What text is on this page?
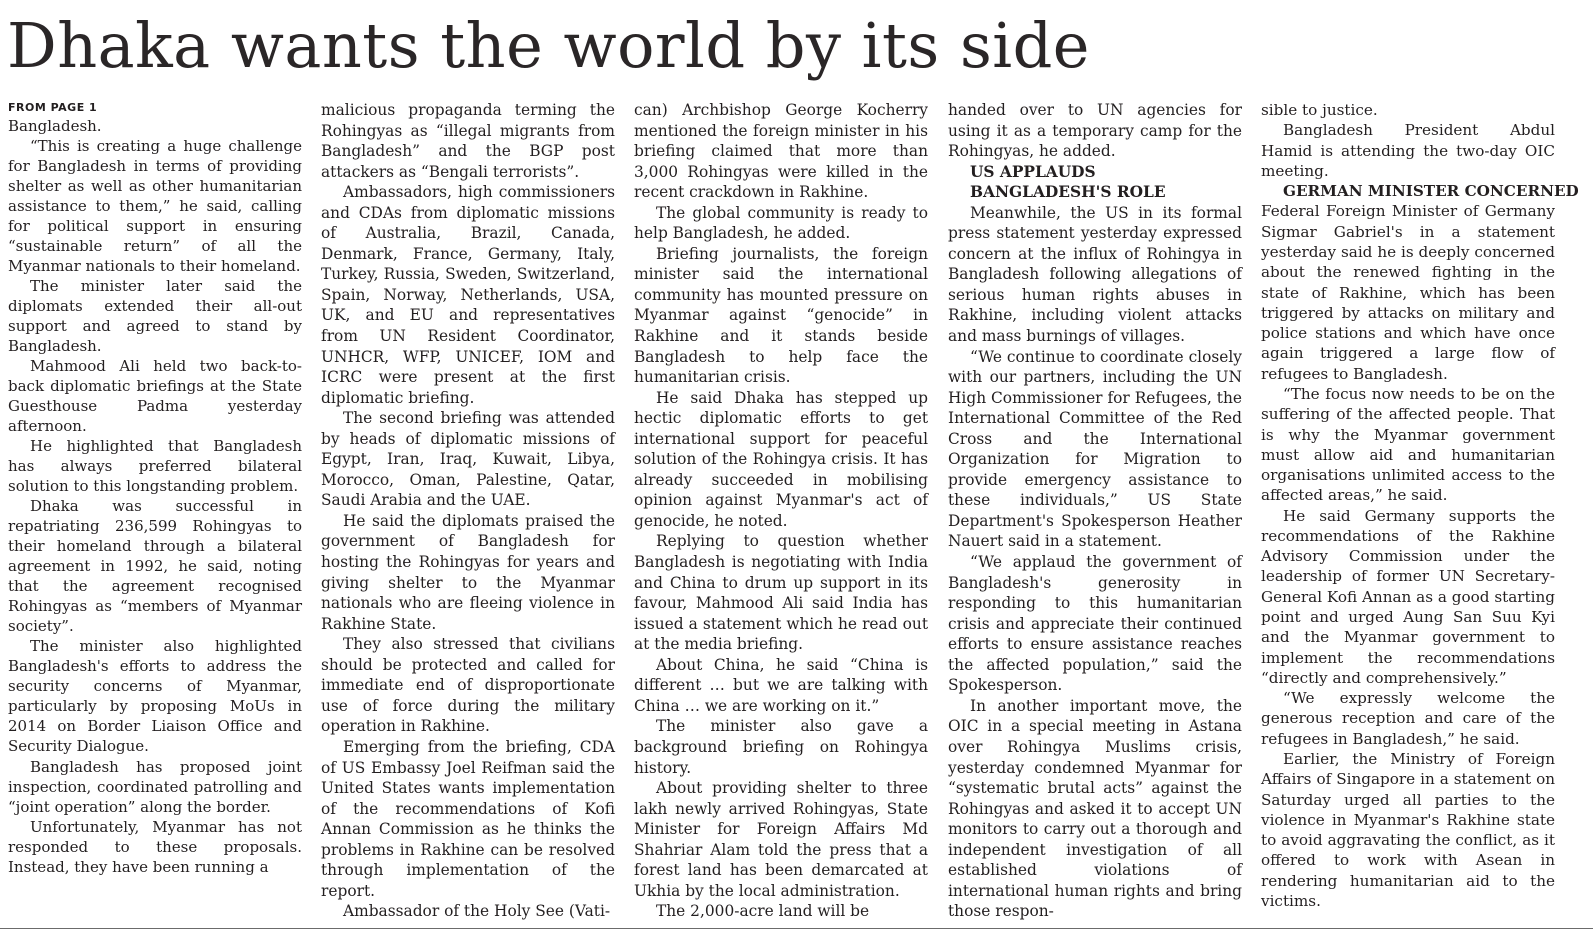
Dhaka wants the world by its side
FROM PAGE 1

Bangladesh.

“This is creating a huge challenge for Bangladesh in terms of providing shelter as well as other humanitarian assistance to them,” he said, calling for political support in ensuring “sustainable return” of all the Myanmar nationals to their homeland.

The minister later said the diplomats extended their all-out support and agreed to stand by Bangladesh.

Mahmood Ali held two back-to-back diplomatic briefings at the State Guesthouse Padma yesterday afternoon.

He highlighted that Bangladesh has always preferred bilateral solution to this longstanding problem.

Dhaka was successful in repatriating 236,599 Rohingyas to their homeland through a bilateral agreement in 1992, he said, noting that the agreement recognised Rohingyas as “members of Myanmar society”.

The minister also highlighted Bangladesh's efforts to address the security concerns of Myanmar, particularly by proposing MoUs in 2014 on Border Liaison Office and Security Dialogue.

Bangladesh has proposed joint inspection, coordinated patrolling and “joint operation” along the border.

Unfortunately, Myanmar has not responded to these proposals. Instead, they have been running a

malicious propaganda terming the Rohingyas as “illegal migrants from Bangladesh” and the BGP post attackers as “Bengali terrorists”.

Ambassadors, high commissioners and CDAs from diplomatic missions of Australia, Brazil, Canada, Denmark, France, Germany, Italy, Turkey, Russia, Sweden, Switzerland, Spain, Norway, Netherlands, USA, UK, and EU and representatives from UN Resident Coordinator, UNHCR, WFP, UNICEF, IOM and ICRC were present at the first diplomatic briefing.

The second briefing was attended by heads of diplomatic missions of Egypt, Iran, Iraq, Kuwait, Libya, Morocco, Oman, Palestine, Qatar, Saudi Arabia and the UAE.

He said the diplomats praised the government of Bangladesh for hosting the Rohingyas for years and giving shelter to the Myanmar nationals who are fleeing violence in Rakhine State.

They also stressed that civilians should be protected and called for immediate end of disproportionate use of force during the military operation in Rakhine.

Emerging from the briefing, CDA of US Embassy Joel Reifman said the United States wants implementation of the recommendations of Kofi Annan Commission as he thinks the problems in Rakhine can be resolved through implementation of the report.

Ambassador of the Holy See (Vati-

can) Archbishop George Kocherry mentioned the foreign minister in his briefing claimed that more than 3,000 Rohingyas were killed in the recent crackdown in Rakhine.

The global community is ready to help Bangladesh, he added.

Briefing journalists, the foreign minister said the international community has mounted pressure on Myanmar against “genocide” in Rakhine and it stands beside Bangladesh to help face the humanitarian crisis.

He said Dhaka has stepped up hectic diplomatic efforts to get international support for peaceful solution of the Rohingya crisis. It has already succeeded in mobilising opinion against Myanmar's act of genocide, he noted.

Replying to question whether Bangladesh is negotiating with India and China to drum up support in its favour, Mahmood Ali said India has issued a statement which he read out at the media briefing.

About China, he said “China is different … but we are talking with China … we are working on it.”

The minister also gave a background briefing on Rohingya history.

About providing shelter to three lakh newly arrived Rohingyas, State Minister for Foreign Affairs Md Shahriar Alam told the press that a forest land has been demarcated at Ukhia by the local administration.

The 2,000-acre land will be

handed over to UN agencies for using it as a temporary camp for the Rohingyas, he added.

US APPLAUDS

BANGLADESH'S ROLE

Meanwhile, the US in its formal press statement yesterday expressed concern at the influx of Rohingya in Bangladesh following allegations of serious human rights abuses in Rakhine, including violent attacks and mass burnings of villages.

“We continue to coordinate closely with our partners, including the UN High Commissioner for Refugees, the International Committee of the Red Cross and the International Organization for Migration to provide emergency assistance to these individuals,” US State Department's Spokesperson Heather Nauert said in a statement.

“We applaud the government of Bangladesh's generosity in responding to this humanitarian crisis and appreciate their continued efforts to ensure assistance reaches the affected population,” said the Spokesperson.

In another important move, the OIC in a special meeting in Astana over Rohingya Muslims crisis, yesterday condemned Myanmar for “systematic brutal acts” against the Rohingyas and asked it to accept UN monitors to carry out a thorough and independent investigation of all established violations of international human rights and bring those respon-

sible to justice.

Bangladesh President Abdul Hamid is attending the two-day OIC meeting.

GERMAN MINISTER CONCERNED

Federal Foreign Minister of Germany Sigmar Gabriel's in a statement yesterday said he is deeply concerned about the renewed fighting in the state of Rakhine, which has been triggered by attacks on military and police stations and which have once again triggered a large flow of refugees to Bangladesh.

“The focus now needs to be on the suffering of the affected people. That is why the Myanmar government must allow aid and humanitarian organisations unlimited access to the affected areas,” he said.

He said Germany supports the recommendations of the Rakhine Advisory Commission under the leadership of former UN Secretary-General Kofi Annan as a good starting point and urged Aung San Suu Kyi and the Myanmar government to implement the recommendations “directly and comprehensively.”

“We expressly welcome the generous reception and care of the refugees in Bangladesh,” he said.

Earlier, the Ministry of Foreign Affairs of Singapore in a statement on Saturday urged all parties to the violence in Myanmar's Rakhine state to avoid aggravating the conflict, as it offered to work with Asean in rendering humanitarian aid to the victims.
